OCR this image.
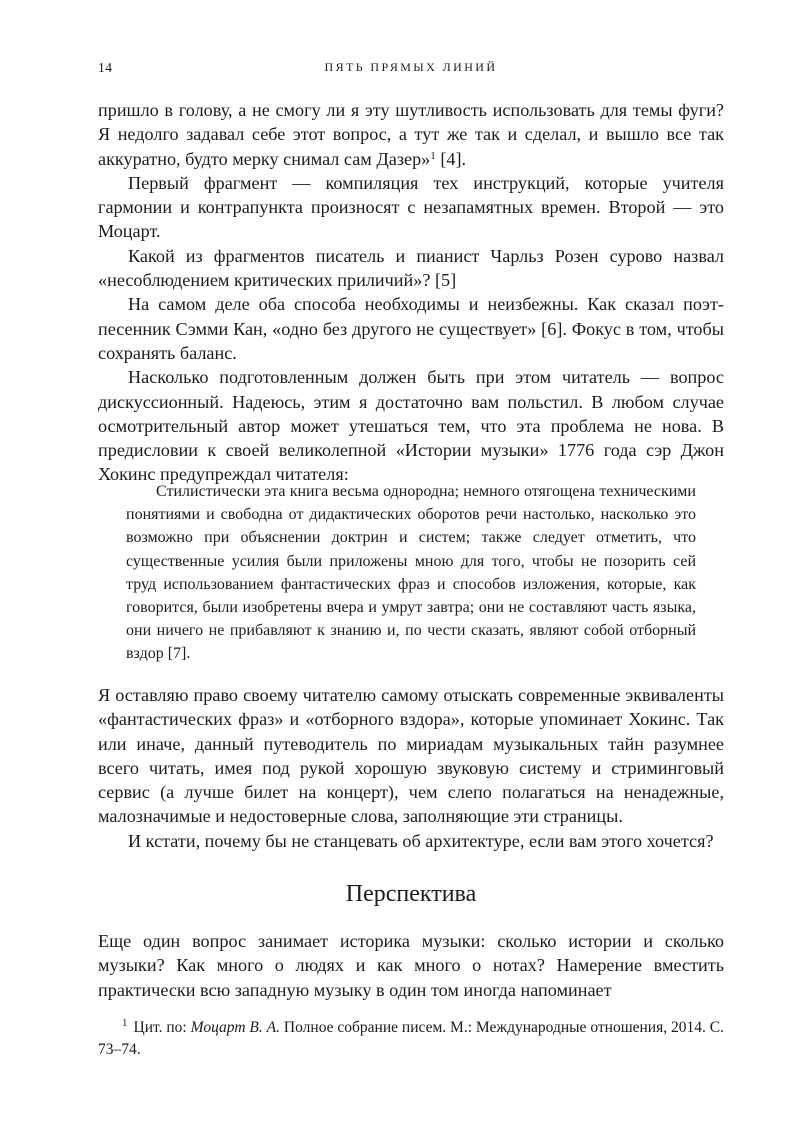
14	ПЯТЬ ПРЯМЫХ ЛИНИЙ

пришло в голову, а не смогу ли я эту шутливость использовать для темы фуги? Я недолго задавал себе этот вопрос, а тут же так и сделал, и вышло все так аккуратно, будто мерку снимал сам Дазер»$^1$ [4].

Первый фрагмент — компиляция тех инструкций, которые учителя гармонии и контрапункта произносят с незапамятных времен. Второй — это Моцарт.

Какой из фрагментов писатель и пианист Чарльз Розен сурово назвал «несоблюдением критических приличий»? [5]

На самом деле оба способа необходимы и неизбежны. Как сказал поэт-песенник Сэмми Кан, «одно без другого не существует» [6]. Фокус в том, чтобы сохранять баланс.

Насколько подготовленным должен быть при этом читатель — вопрос дискуссионный. Надеюсь, этим я достаточно вам польстил. В любом случае осмотрительный автор может утешаться тем, что эта проблема не нова. В предисловии к своей великолепной «Истории музыки» 1776 года сэр Джон Хокинс предупреждал читателя:

Стилистически эта книга весьма однородна; немного отягощена техническими понятиями и свободна от дидактических оборотов речи настолько, насколько это возможно при объяснении доктрин и систем; также следует отметить, что существенные усилия были приложены мною для того, чтобы не позорить сей труд использованием фантастических фраз и способов изложения, которые, как говорится, были изобретены вчера и умрут завтра; они не составляют часть языка, они ничего не прибавляют к знанию и, по чести сказать, являют собой отборный вздор [7].

Я оставляю право своему читателю самому отыскать современные эквиваленты «фантастических фраз» и «отборного вздора», которые упоминает Хокинс. Так или иначе, данный путеводитель по мириадам музыкальных тайн разумнее всего читать, имея под рукой хорошую звуковую систему и стриминговый сервис (а лучше билет на концерт), чем слепо полагаться на ненадежные, малозначимые и недостоверные слова, заполняющие эти страницы.

И кстати, почему бы не станцевать об архитектуре, если вам этого хочется?

Перспектива

Еще один вопрос занимает историка музыки: сколько истории и сколько музыки? Как много о людях и как много о нотах? Намерение вместить практически всю западную музыку в один том иногда напоминает

$^1$ Цит. по: Моцарт В. А. Полное собрание писем. М.: Международные отношения, 2014. С. 73–74.
